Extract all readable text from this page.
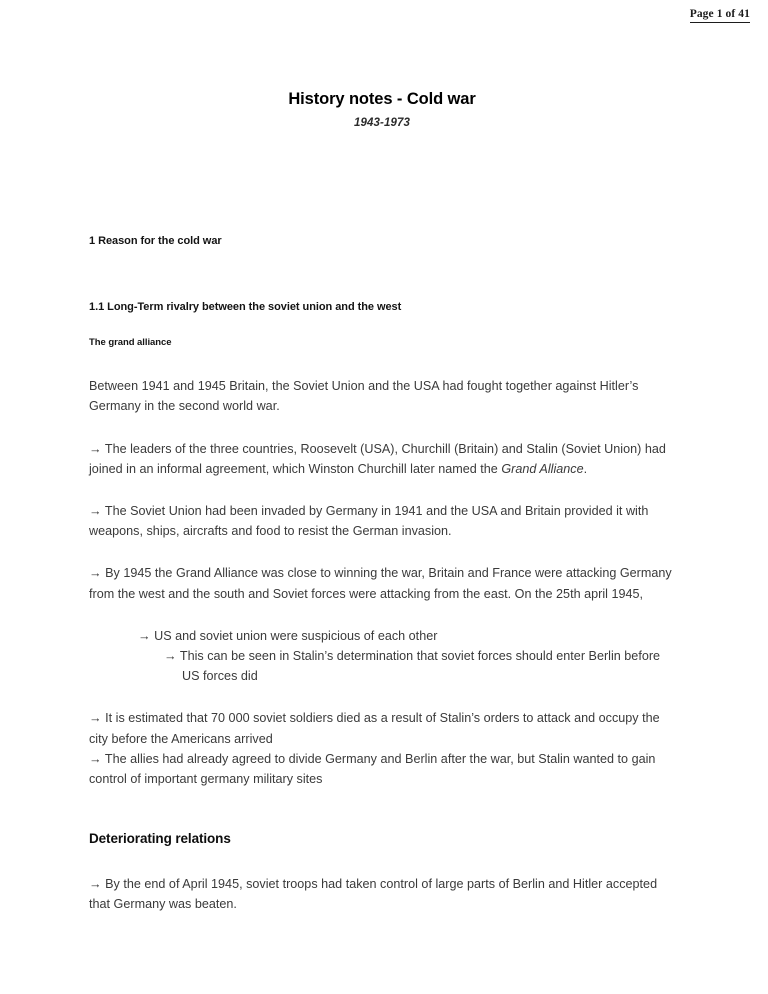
Page 1 of 41
History notes - Cold war
1943-1973
1 Reason for the cold war
1.1 Long-Term rivalry between the soviet union and the west
The grand alliance

Between 1941 and 1945 Britain, the Soviet Union and the USA had fought together against Hitler’s Germany in the second world war.

→ The leaders of the three countries, Roosevelt (USA), Churchill (Britain) and Stalin (Soviet Union) had joined in an informal agreement, which Winston Churchill later named the Grand Alliance.

→ The Soviet Union had been invaded by Germany in 1941 and the USA and Britain provided it with weapons, ships, aircrafts and food to resist the German invasion.

→ By 1945 the Grand Alliance was close to winning the war, Britain and France were attacking Germany from the west and the south and Soviet forces were attacking from the east. On the 25th april 1945,

→ US and soviet union were suspicious of each other

→ This can be seen in Stalin’s determination that soviet forces should enter Berlin before US forces did

→ It is estimated that 70 000 soviet soldiers died as a result of Stalin’s orders to attack and occupy the city before the Americans arrived

→ The allies had already agreed to divide Germany and Berlin after the war, but Stalin wanted to gain control of important germany military sites

Deteriorating relations

→ By the end of April 1945, soviet troops had taken control of large parts of Berlin and Hitler accepted that Germany was beaten.
